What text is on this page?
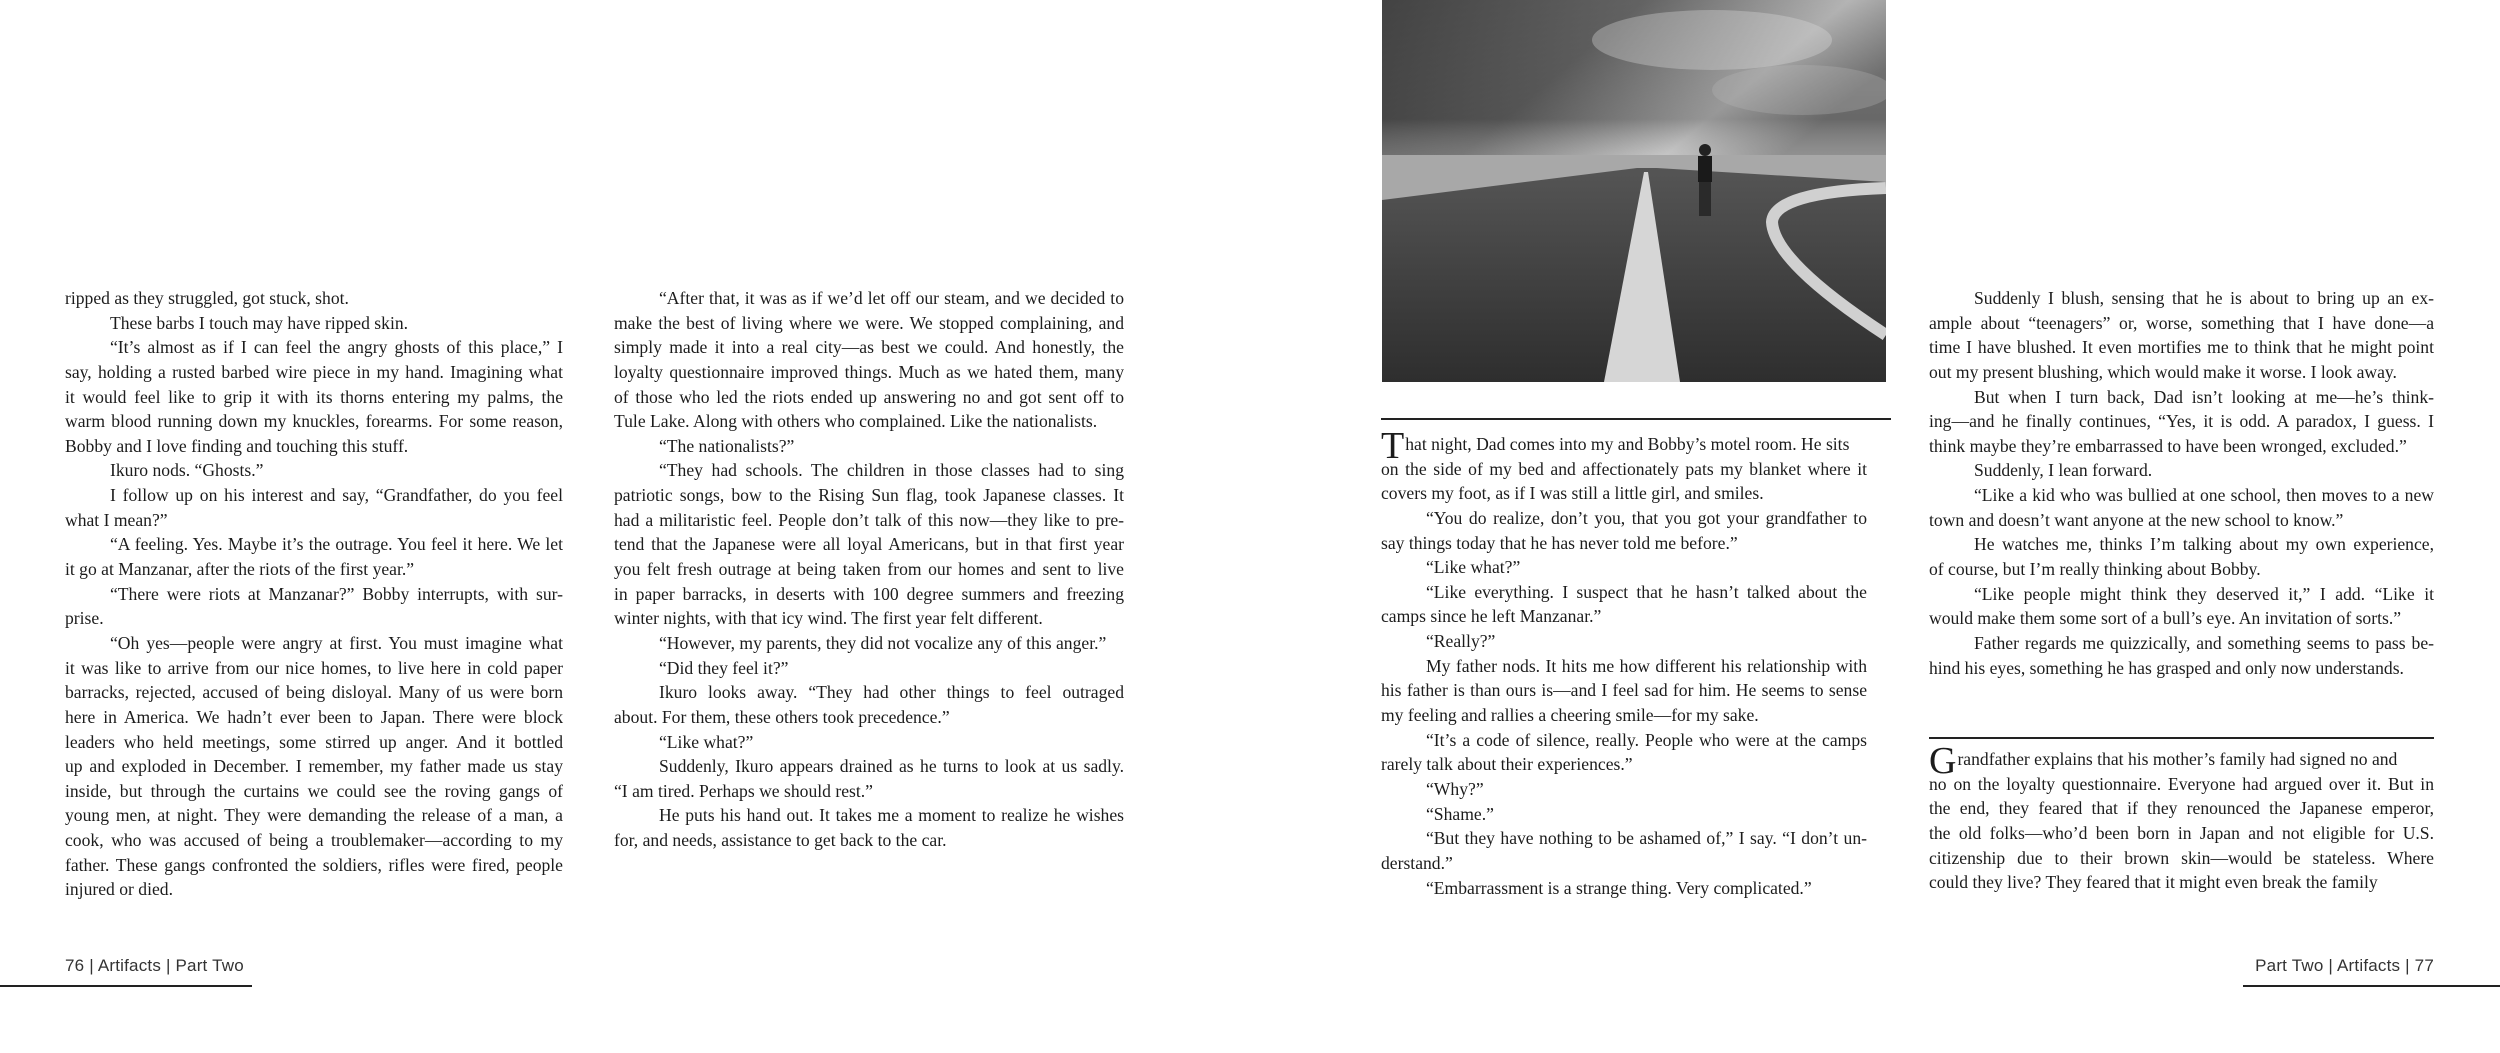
ripped as they struggled, got stuck, shot.
These barbs I touch may have ripped skin.
“It’s almost as if I can feel the angry ghosts of this place,” I
say, holding a rusted barbed wire piece in my hand. Imagining what
it would feel like to grip it with its thorns entering my palms, the
warm blood running down my knuckles, forearms. For some reason,
Bobby and I love finding and touching this stuff.
Ikuro nods. “Ghosts.”
I follow up on his interest and say, “Grandfather, do you feel
what I mean?”
“A feeling. Yes. Maybe it’s the outrage. You feel it here. We let
it go at Manzanar, after the riots of the first year.”
“There were riots at Manzanar?” Bobby interrupts, with sur-
prise.
“Oh yes—people were angry at first. You must imagine what
it was like to arrive from our nice homes, to live here in cold paper
barracks, rejected, accused of being disloyal. Many of us were born
here in America. We hadn’t ever been to Japan. There were block
leaders who held meetings, some stirred up anger. And it bottled
up and exploded in December. I remember, my father made us stay
inside, but through the curtains we could see the roving gangs of
young men, at night. They were demanding the release of a man, a
cook, who was accused of being a troublemaker—according to my
father. These gangs confronted the soldiers, rifles were fired, people
injured or died.
“After that, it was as if we’d let off our steam, and we decided to
make the best of living where we were. We stopped complaining, and
simply made it into a real city—as best we could. And honestly, the
loyalty questionnaire improved things. Much as we hated them, many
of those who led the riots ended up answering no and got sent off to
Tule Lake. Along with others who complained. Like the nationalists.
“The nationalists?”
“They had schools. The children in those classes had to sing
patriotic songs, bow to the Rising Sun flag, took Japanese classes. It
had a militaristic feel. People don’t talk of this now—they like to pre-
tend that the Japanese were all loyal Americans, but in that first year
you felt fresh outrage at being taken from our homes and sent to live
in paper barracks, in deserts with 100 degree summers and freezing
winter nights, with that icy wind. The first year felt different.
“However, my parents, they did not vocalize any of this anger.”
“Did they feel it?”
Ikuro looks away. “They had other things to feel outraged
about. For them, these others took precedence.”
“Like what?”
Suddenly, Ikuro appears drained as he turns to look at us sadly.
“I am tired. Perhaps we should rest.”
He puts his hand out. It takes me a moment to realize he wishes
for, and needs, assistance to get back to the car.
That night, Dad comes into my and Bobby’s motel room. He sits
on the side of my bed and affectionately pats my blanket where it
covers my foot, as if I was still a little girl, and smiles.
“You do realize, don’t you, that you got your grandfather to
say things today that he has never told me before.”
“Like what?”
“Like everything. I suspect that he hasn’t talked about the
camps since he left Manzanar.”
“Really?”
My father nods. It hits me how different his relationship with
his father is than ours is—and I feel sad for him. He seems to sense
my feeling and rallies a cheering smile—for my sake.
“It’s a code of silence, really. People who were at the camps
rarely talk about their experiences.”
“Why?”
“Shame.”
“But they have nothing to be ashamed of,” I say. “I don’t un-
derstand.”
“Embarrassment is a strange thing. Very complicated.”
Suddenly I blush, sensing that he is about to bring up an ex-
ample about “teenagers” or, worse, something that I have done—a
time I have blushed. It even mortifies me to think that he might point
out my present blushing, which would make it worse. I look away.
But when I turn back, Dad isn’t looking at me—he’s think-
ing—and he finally continues, “Yes, it is odd. A paradox, I guess. I
think maybe they’re embarrassed to have been wronged, excluded.”
Suddenly, I lean forward.
“Like a kid who was bullied at one school, then moves to a new
town and doesn’t want anyone at the new school to know.”
He watches me, thinks I’m talking about my own experience,
of course, but I’m really thinking about Bobby.
“Like people might think they deserved it,” I add. “Like it
would make them some sort of a bull’s eye. An invitation of sorts.”
Father regards me quizzically, and something seems to pass be-
hind his eyes, something he has grasped and only now understands.
Grandfather explains that his mother’s family had signed no and
no on the loyalty questionnaire. Everyone had argued over it. But in
the end, they feared that if they renounced the Japanese emperor,
the old folks—who’d been born in Japan and not eligible for U.S.
citizenship due to their brown skin—would be stateless. Where
could they live? They feared that it might even break the family
76 | Artifacts | Part Two	Part Two | Artifacts | 77
